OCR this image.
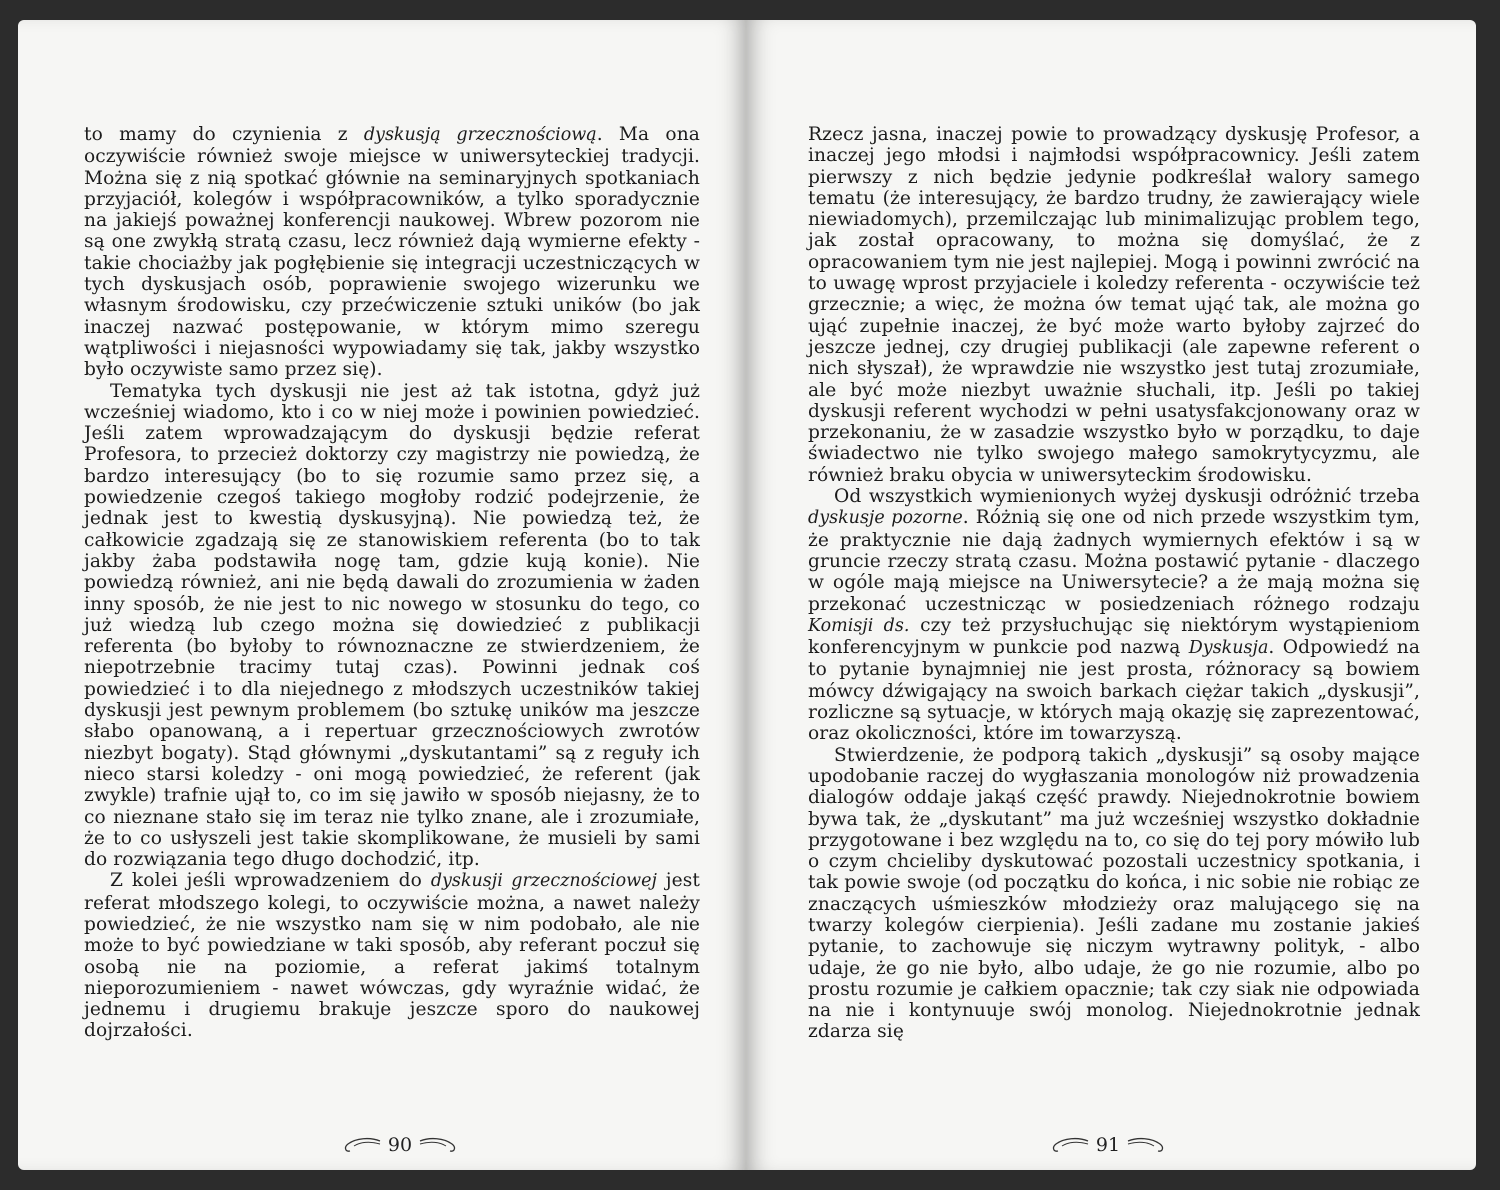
to mamy do czynienia z dyskusją grzecznościową. Ma ona oczywiście również swoje miejsce w uniwersyteckiej tradycji. Można się z nią spotkać głównie na seminaryjnych spotkaniach przyjaciół, kolegów i współpracowników, a tylko sporadycznie na jakiejś poważnej konferencji naukowej. Wbrew pozorom nie są one zwykłą stratą czasu, lecz również dają wymierne efekty - takie chociażby jak pogłębienie się integracji uczestniczących w tych dyskusjach osób, poprawienie swojego wizerunku we własnym środowisku, czy przećwiczenie sztuki uników (bo jak inaczej nazwać postępowanie, w którym mimo szeregu wątpliwości i niejasności wypowiadamy się tak, jakby wszystko było oczywiste samo przez się).

Tematyka tych dyskusji nie jest aż tak istotna, gdyż już wcześniej wiadomo, kto i co w niej może i powinien powiedzieć. Jeśli zatem wprowadzającym do dyskusji będzie referat Profesora, to przecież doktorzy czy magistrzy nie powiedzą, że bardzo interesujący (bo to się rozumie samo przez się, a powiedzenie czegoś takiego mogłoby rodzić podejrzenie, że jednak jest to kwestią dyskusyjną). Nie powiedzą też, że całkowicie zgadzają się ze stanowiskiem referenta (bo to tak jakby żaba podstawiła nogę tam, gdzie kują konie). Nie powiedzą również, ani nie będą dawali do zrozumienia w żaden inny sposób, że nie jest to nic nowego w stosunku do tego, co już wiedzą lub czego można się dowiedzieć z publikacji referenta (bo byłoby to równoznaczne ze stwierdzeniem, że niepotrzebnie tracimy tutaj czas). Powinni jednak coś powiedzieć i to dla niejednego z młodszych uczestników takiej dyskusji jest pewnym problemem (bo sztukę uników ma jeszcze słabo opanowaną, a i repertuar grzecznościowych zwrotów niezbyt bogaty). Stąd głównymi „dyskutantami” są z reguły ich nieco starsi koledzy - oni mogą powiedzieć, że referent (jak zwykle) trafnie ujął to, co im się jawiło w sposób niejasny, że to co nieznane stało się im teraz nie tylko znane, ale i zrozumiałe, że to co usłyszeli jest takie skomplikowane, że musieli by sami do rozwiązania tego długo dochodzić, itp.

Z kolei jeśli wprowadzeniem do dyskusji grzecznościowej jest referat młodszego kolegi, to oczywiście można, a nawet należy powiedzieć, że nie wszystko nam się w nim podobało, ale nie może to być powiedziane w taki sposób, aby referant poczuł się osobą nie na poziomie, a referat jakimś totalnym nieporozumieniem - nawet wówczas, gdy wyraźnie widać, że jednemu i drugiemu brakuje jeszcze sporo do naukowej dojrzałości.

90

Rzecz jasna, inaczej powie to prowadzący dyskusję Profesor, a inaczej jego młodsi i najmłodsi współpracownicy. Jeśli zatem pierwszy z nich będzie jedynie podkreślał walory samego tematu (że interesujący, że bardzo trudny, że zawierający wiele niewiadomych), przemilczając lub minimalizując problem tego, jak został opracowany, to można się domyślać, że z opracowaniem tym nie jest najlepiej. Mogą i powinni zwrócić na to uwagę wprost przyjaciele i koledzy referenta - oczywiście też grzecznie; a więc, że można ów temat ująć tak, ale można go ująć zupełnie inaczej, że być może warto byłoby zajrzeć do jeszcze jednej, czy drugiej publikacji (ale zapewne referent o nich słyszał), że wprawdzie nie wszystko jest tutaj zrozumiałe, ale być może niezbyt uważnie słuchali, itp. Jeśli po takiej dyskusji referent wychodzi w pełni usatysfakcjonowany oraz w przekonaniu, że w zasadzie wszystko było w porządku, to daje świadectwo nie tylko swojego małego samokrytycyzmu, ale również braku obycia w uniwersyteckim środowisku.

Od wszystkich wymienionych wyżej dyskusji odróżnić trzeba dyskusje pozorne. Różnią się one od nich przede wszystkim tym, że praktycznie nie dają żadnych wymiernych efektów i są w gruncie rzeczy stratą czasu. Można postawić pytanie - dlaczego w ogóle mają miejsce na Uniwersytecie? a że mają można się przekonać uczestnicząc w posiedzeniach różnego rodzaju Komisji ds. czy też przysłuchując się niektórym wystąpieniom konferencyjnym w punkcie pod nazwą Dyskusja. Odpowiedź na to pytanie bynajmniej nie jest prosta, różnoracy są bowiem mówcy dźwigający na swoich barkach ciężar takich „dyskusji”, rozliczne są sytuacje, w których mają okazję się zaprezentować, oraz okoliczności, które im towarzyszą.

Stwierdzenie, że podporą takich „dyskusji” są osoby mające upodobanie raczej do wygłaszania monologów niż prowadzenia dialogów oddaje jakąś część prawdy. Niejednokrotnie bowiem bywa tak, że „dyskutant” ma już wcześniej wszystko dokładnie przygotowane i bez względu na to, co się do tej pory mówiło lub o czym chcieliby dyskutować pozostali uczestnicy spotkania, i tak powie swoje (od początku do końca, i nic sobie nie robiąc ze znaczących uśmieszków młodzieży oraz malującego się na twarzy kolegów cierpienia). Jeśli zadane mu zostanie jakieś pytanie, to zachowuje się niczym wytrawny polityk, - albo udaje, że go nie było, albo udaje, że go nie rozumie, albo po prostu rozumie je całkiem opacznie; tak czy siak nie odpowiada na nie i kontynuuje swój monolog. Niejednokrotnie jednak zdarza się

91
